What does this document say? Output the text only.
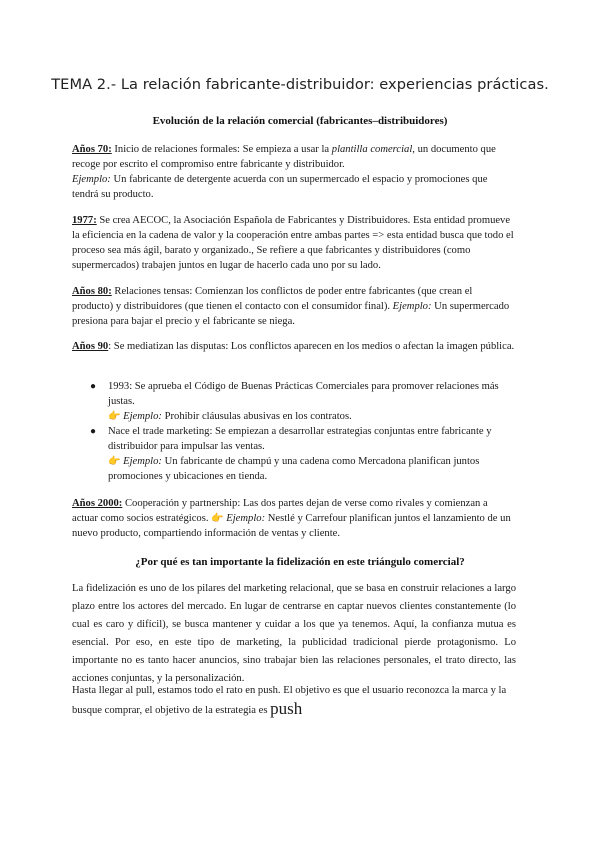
TEMA 2.- La relación fabricante-distribuidor: experiencias prácticas.
Evolución de la relación comercial (fabricantes–distribuidores)

Años 70: Inicio de relaciones formales: Se empieza a usar la plantilla comercial, un documento que recoge por escrito el compromiso entre fabricante y distribuidor.
Ejemplo: Un fabricante de detergente acuerda con un supermercado el espacio y promociones que tendrá su producto.

1977: Se crea AECOC, la Asociación Española de Fabricantes y Distribuidores. Esta entidad promueve la eficiencia en la cadena de valor y la cooperación entre ambas partes => esta entidad busca que todo el proceso sea más ágil, barato y organizado., Se refiere a que fabricantes y distribuidores (como supermercados) trabajen juntos en lugar de hacerlo cada uno por su lado.

Años 80: Relaciones tensas: Comienzan los conflictos de poder entre fabricantes (que crean el producto) y distribuidores (que tienen el contacto con el consumidor final). Ejemplo: Un supermercado presiona para bajar el precio y el fabricante se niega.

Años 90: Se mediatizan las disputas: Los conflictos aparecen en los medios o afectan la imagen pública.

● 1993: Se aprueba el Código de Buenas Prácticas Comerciales para promover relaciones más justas.
👉 Ejemplo: Prohibir cláusulas abusivas en los contratos.
● Nace el trade marketing: Se empiezan a desarrollar estrategias conjuntas entre fabricante y distribuidor para impulsar las ventas.
👉 Ejemplo: Un fabricante de champú y una cadena como Mercadona planifican juntos promociones y ubicaciones en tienda.

Años 2000: Cooperación y partnership: Las dos partes dejan de verse como rivales y comienzan a actuar como socios estratégicos. 👉 Ejemplo: Nestlé y Carrefour planifican juntos el lanzamiento de un nuevo producto, compartiendo información de ventas y cliente.

¿Por qué es tan importante la fidelización en este triángulo comercial?

La fidelización es uno de los pilares del marketing relacional, que se basa en construir relaciones a largo plazo entre los actores del mercado. En lugar de centrarse en captar nuevos clientes constantemente (lo cual es caro y difícil), se busca mantener y cuidar a los que ya tenemos. Aquí, la confianza mutua es esencial. Por eso, en este tipo de marketing, la publicidad tradicional pierde protagonismo. Lo importante no es tanto hacer anuncios, sino trabajar bien las relaciones personales, el trato directo, las acciones conjuntas, y la personalización.

Hasta llegar al pull, estamos todo el rato en push. El objetivo es que el usuario reconozca la marca y la busque comprar, el objetivo de la estrategia es push
